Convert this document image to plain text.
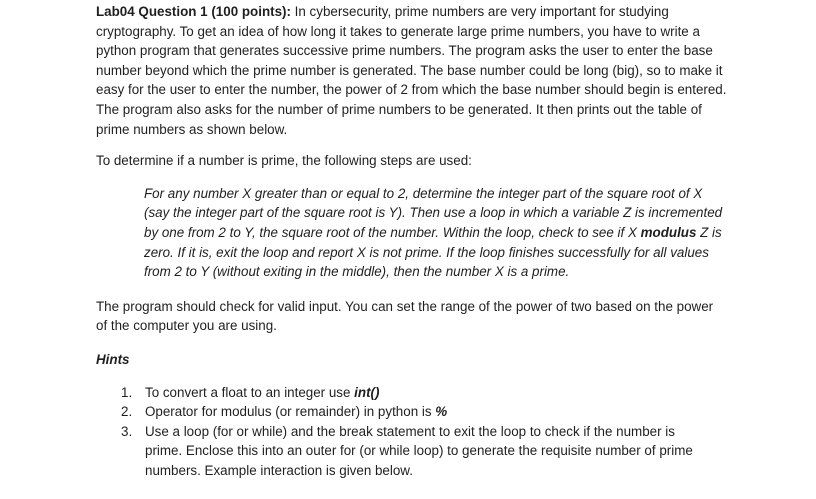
Lab04 Question 1 (100 points): In cybersecurity, prime numbers are very important for studying cryptography. To get an idea of how long it takes to generate large prime numbers, you have to write a python program that generates successive prime numbers. The program asks the user to enter the base number beyond which the prime number is generated. The base number could be long (big), so to make it easy for the user to enter the number, the power of 2 from which the base number should begin is entered. The program also asks for the number of prime numbers to be generated. It then prints out the table of prime numbers as shown below.

To determine if a number is prime, the following steps are used:

For any number X greater than or equal to 2, determine the integer part of the square root of X (say the integer part of the square root is Y). Then use a loop in which a variable Z is incremented by one from 2 to Y, the square root of the number. Within the loop, check to see if X modulus Z is zero. If it is, exit the loop and report X is not prime. If the loop finishes successfully for all values from 2 to Y (without exiting in the middle), then the number X is a prime.

The program should check for valid input. You can set the range of the power of two based on the power of the computer you are using.

Hints

1. To convert a float to an integer use int()
2. Operator for modulus (or remainder) in python is %
3. Use a loop (for or while) and the break statement to exit the loop to check if the number is prime. Enclose this into an outer for (or while loop) to generate the requisite number of prime numbers. Example interaction is given below.
